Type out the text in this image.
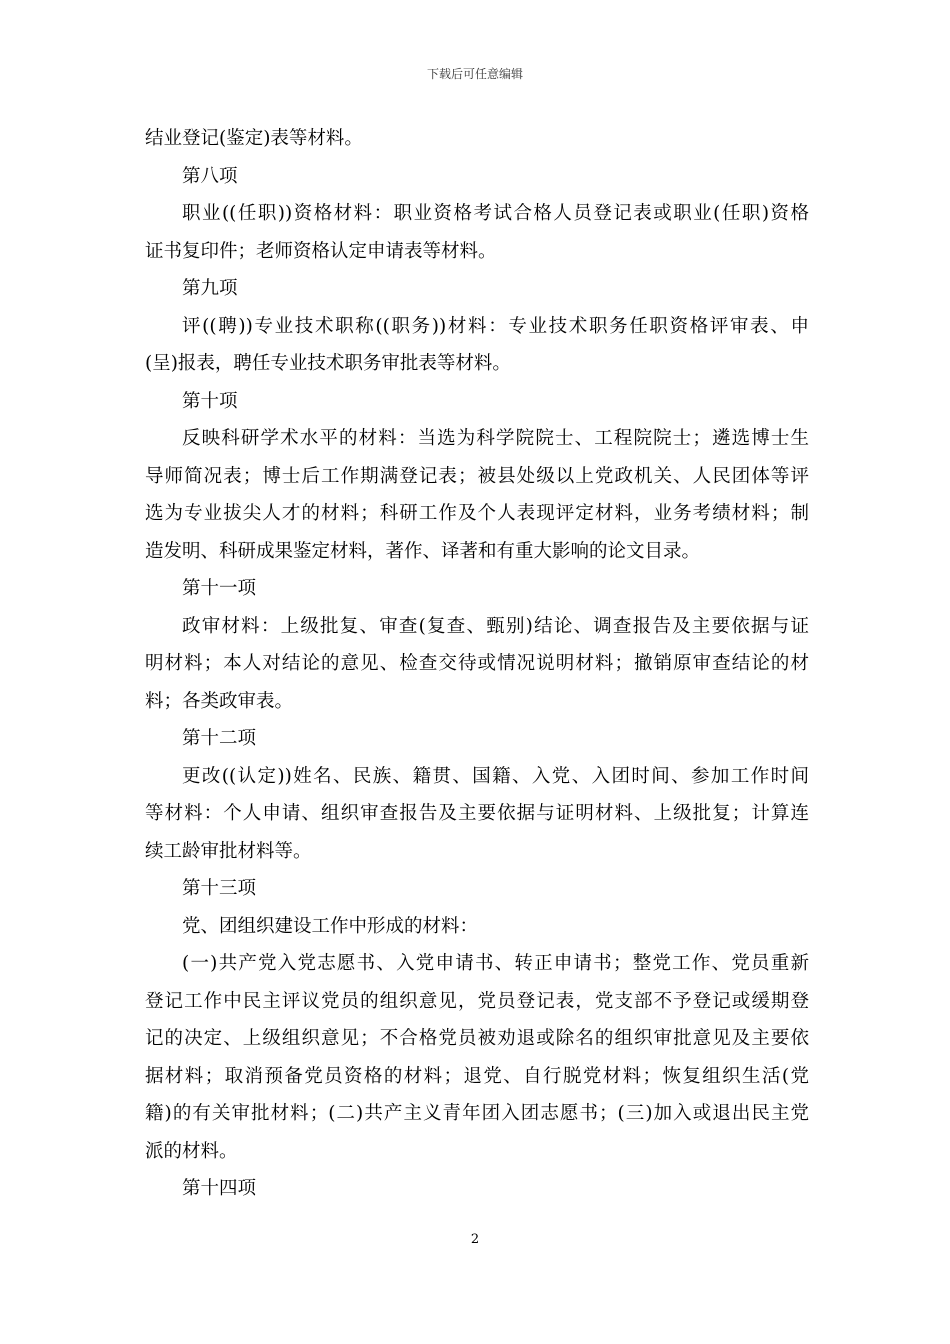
下载后可任意编辑
结业登记(鉴定)表等材料。
第八项
职业((任职))资格材料：职业资格考试合格人员登记表或职业(任职)资格
证书复印件；老师资格认定申请表等材料。
第九项
评((聘))专业技术职称((职务))材料：专业技术职务任职资格评审表、申
(呈)报表，聘任专业技术职务审批表等材料。
第十项
反映科研学术水平的材料：当选为科学院院士、工程院院士；遴选博士生
导师简况表；博士后工作期满登记表；被县处级以上党政机关、人民团体等评
选为专业拔尖人才的材料；科研工作及个人表现评定材料，业务考绩材料；制
造发明、科研成果鉴定材料，著作、译著和有重大影响的论文目录。
第十一项
政审材料：上级批复、审查(复查、甄别)结论、调查报告及主要依据与证
明材料；本人对结论的意见、检查交待或情况说明材料；撤销原审查结论的材
料；各类政审表。
第十二项
更改((认定))姓名、民族、籍贯、国籍、入党、入团时间、参加工作时间
等材料：个人申请、组织审查报告及主要依据与证明材料、上级批复；计算连
续工龄审批材料等。
第十三项
党、团组织建设工作中形成的材料：
(一)共产党入党志愿书、入党申请书、转正申请书；整党工作、党员重新
登记工作中民主评议党员的组织意见，党员登记表，党支部不予登记或缓期登
记的决定、上级组织意见；不合格党员被劝退或除名的组织审批意见及主要依
据材料；取消预备党员资格的材料；退党、自行脱党材料；恢复组织生活(党
籍)的有关审批材料；(二)共产主义青年团入团志愿书；(三)加入或退出民主党
派的材料。
第十四项
2
